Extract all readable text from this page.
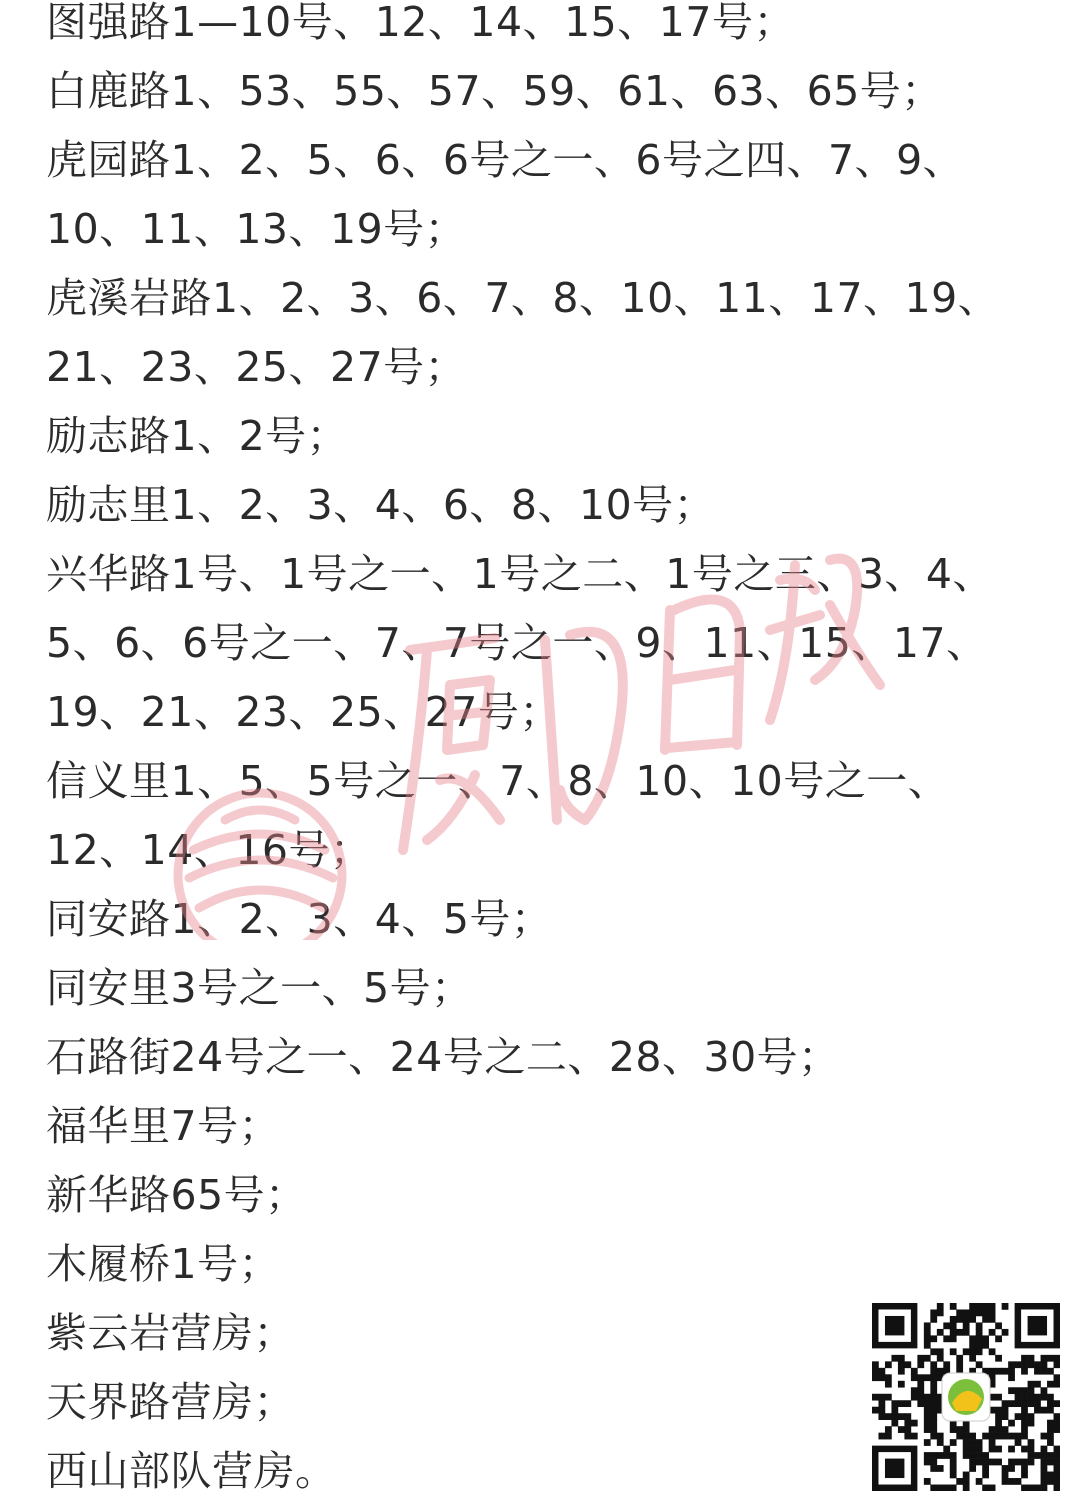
图强路1—10号、12、14、15、17号；
白鹿路1、53、55、57、59、61、63、65号；
虎园路1、2、5、6、6号之一、6号之四、7、9、
10、11、13、19号；
虎溪岩路1、2、3、6、7、8、10、11、17、19、
21、23、25、27号；
励志路1、2号；
励志里1、2、3、4、6、8、10号；
兴华路1号、1号之一、1号之二、1号之三、3、4、
5、6、6号之一、7、7号之一、9、11、15、17、
19、21、23、25、27号；
信义里1、5、5号之一、7、8、10、10号之一、
12、14、16号；
同安路1、2、3、4、5号；
同安里3号之一、5号；
石路街24号之一、24号之二、28、30号；
福华里7号；
新华路65号；
木履桥1号；
紫云岩营房；
天界路营房；
西山部队营房。
